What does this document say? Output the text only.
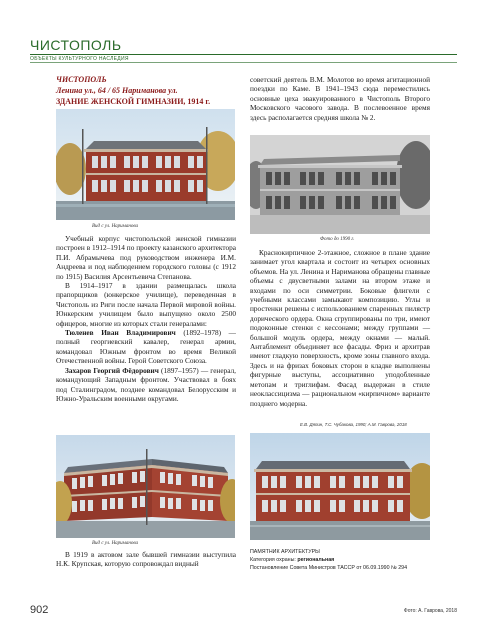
ЧИСТОПОЛЬ
ОБЪЕКТЫ КУЛЬТУРНОГО НАСЛЕДИЯ
ЧИСТОПОЛЬ
Ленина ул., 64 / 65 Нариманова ул.
ЗДАНИЕ ЖЕНСКОЙ ГИМНАЗИИ, 1914 г.
Вид с ул. Нариманова

Учебный корпус чистопольской женской гимназии построен в 1912–1914 по проекту казанского архитектора П.И. Абрамычева под руководством инженера И.М. Андреева и под наблюдением городского головы (с 1912 по 1915) Василия Арсентьевича Степанова.

В 1914–1917 в здании размещалась школа прапорщиков (юнкерское училище), переведенная в Чистополь из Риги после начала Первой мировой войны. Юнкерским училищем было выпущено около 2500 офицеров, многие из которых стали генералами:

Тюленев Иван Владимирович (1892–1978) — полный георгиевский кавалер, генерал армии, командовал Южным фронтом во время Великой Отечественной войны. Герой Советского Союза.

Захаров Георгий Фёдорович (1897–1957) — генерал, командующий Западным фронтом. Участвовал в боях под Сталинградом, позднее командовал Белорусским и Южно-Уральским военными округами.

Вид с ул. Нариманова

В 1919 в актовом зале бывшей гимназии выступила Н.К. Крупская, которую сопровождал видный

советский деятель В.М. Молотов во время агитационной поездки по Каме. В 1941–1943 сюда переместились основные цеха эвакуированного в Чистополь Второго Московского часового завода. В послевоенное время здесь располагается средняя школа № 2.

Фото до 1990 г.

Краснокирпичное 2-этажное, сложное в плане здание занимает угол квартала и состоит из четырех основных объемов. На ул. Ленина и Нариманова обращены главные объемы с двусветными залами на втором этаже и входами по оси симметрии. Боковые флигели с учебными классами замыкают композицию. Углы и простенки решены с использованием спаренных пилястр дорического ордера. Окна сгруппированы по три, имеют подоконные стенки с кессонами; между группами — большой модуль ордера, между окнами — малый. Антаблемент объединяет все фасады. Фриз и архитрав имеют гладкую поверхность, кроме зоны главного входа. Здесь и на фризах боковых сторон в кладке выполнены фигурные выступы, ассоциативно уподобленные метопам и триглифам. Фасад выдержан в стиле неоклассицизма — рациональном «кирпичном» варианте позднего модерна.

Е.В. Дяпин, Т.С. Чубакова, 1990; А.М. Гаврова, 2018
ПАМЯТНИК АРХИТЕКТУРЫ
Категория охраны: региональная
Постановление Совета Министров ТАССР от 06.09.1990 № 294
902	Фото: А. Гаврова, 2018
